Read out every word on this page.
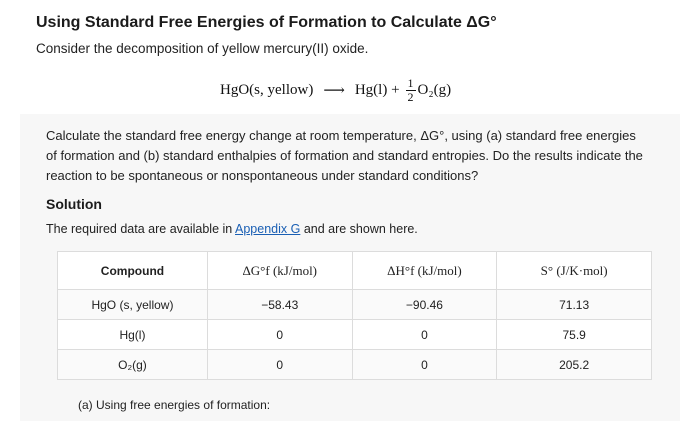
Using Standard Free Energies of Formation to Calculate ΔG°
Consider the decomposition of yellow mercury(II) oxide.
HgO(s, yellow) ⟶ $Hg(l) + \frac{1}{2} O_2(g)$
Calculate the standard free energy change at room temperature, ΔG°, using (a) standard free energies of formation and (b) standard enthalpies of formation and standard entropies. Do the results indicate the reaction to be spontaneous or nonspontaneous under standard conditions?
Solution
The required data are available in Appendix G and are shown here.
Compound	ΔG°f (kJ/mol)	ΔH°f (kJ/mol)	S° (J/K·mol)
HgO (s, yellow)	−58.43	−90.46	71.13
Hg(l)	0	0	75.9
O₂(g)	0	0	205.2
(a) Using free energies of formation:
